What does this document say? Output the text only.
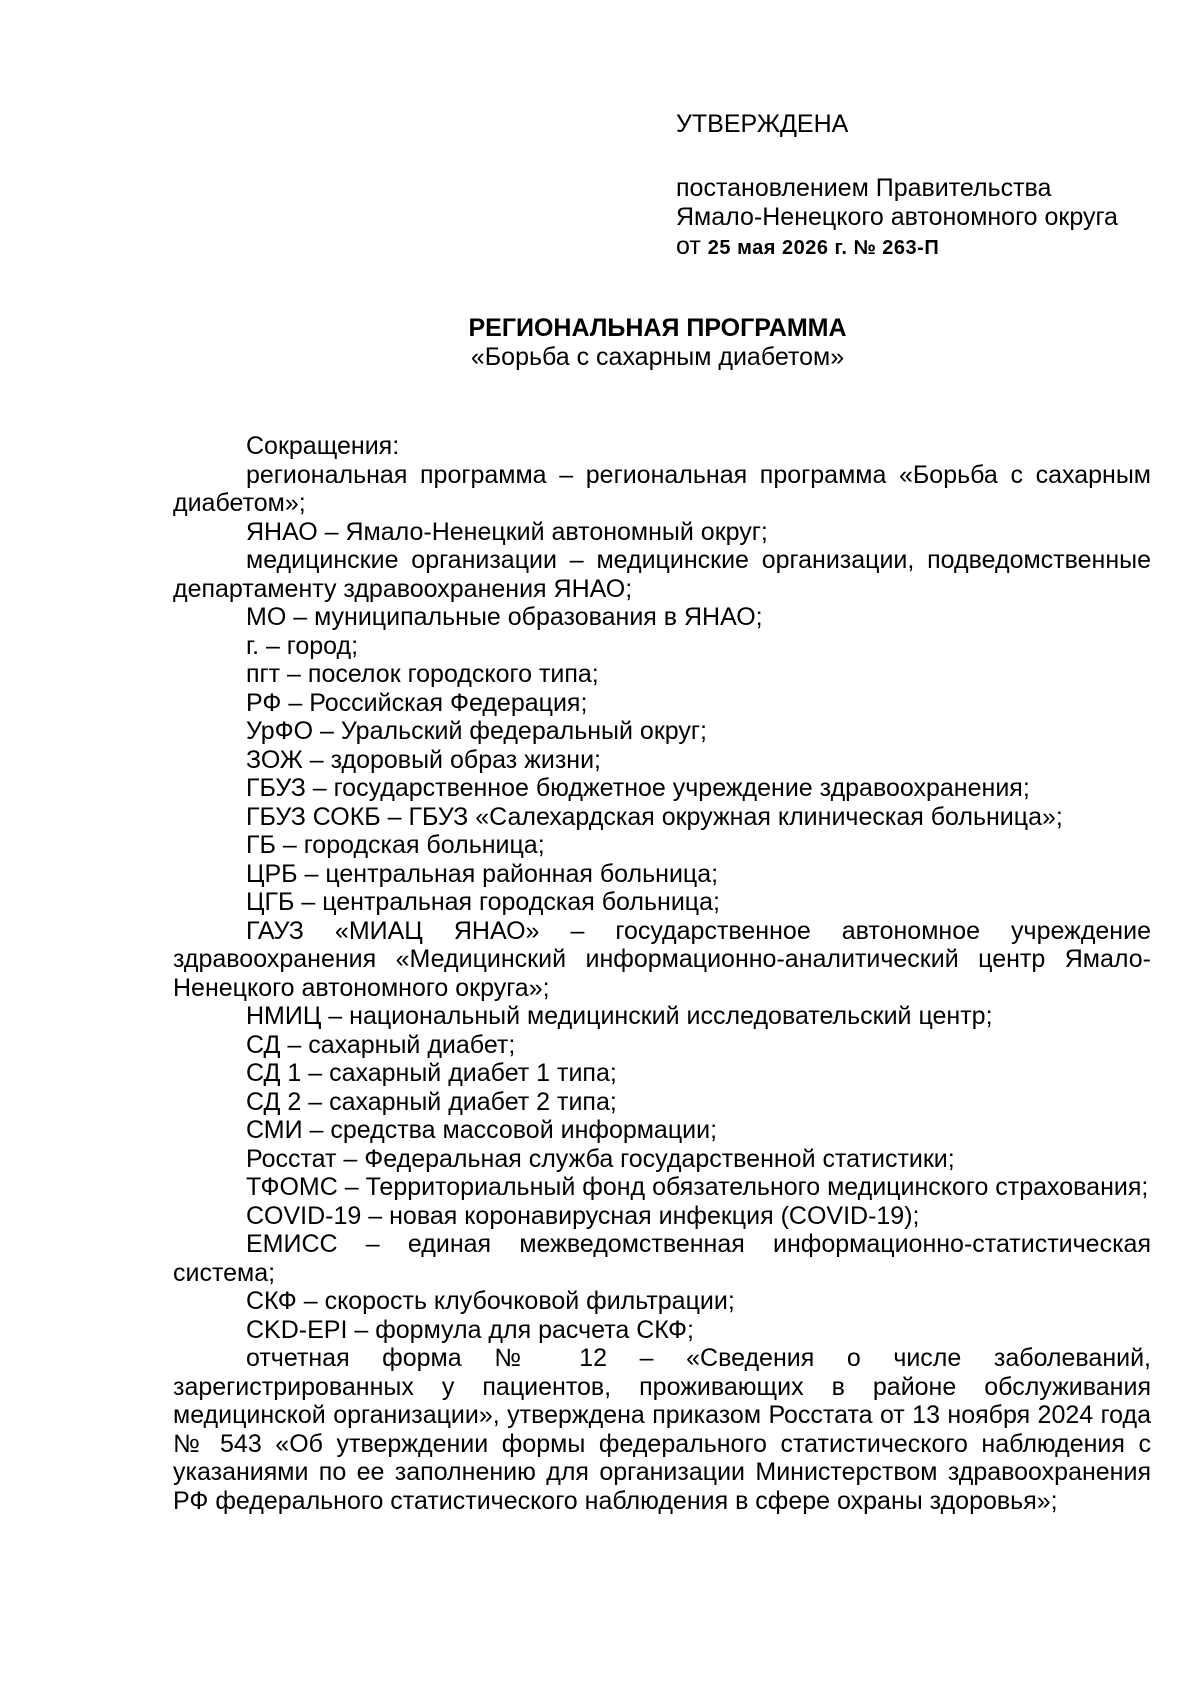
УТВЕРЖДЕНА
постановлением Правительства
Ямало-Ненецкого автономного округа
от 25 мая 2026 г. № 263-П
РЕГИОНАЛЬНАЯ ПРОГРАММА
«Борьба с сахарным диабетом»

Сокращения:

региональная программа – региональная программа «Борьба с сахарным диабетом»;

ЯНАО – Ямало-Ненецкий автономный округ;

медицинские организации – медицинские организации, подведомственные департаменту здравоохранения ЯНАО;

МО – муниципальные образования в ЯНАО;

г. – город;

пгт – поселок городского типа;

РФ – Российская Федерация;

УрФО – Уральский федеральный округ;

ЗОЖ – здоровый образ жизни;

ГБУЗ – государственное бюджетное учреждение здравоохранения;

ГБУЗ СОКБ – ГБУЗ «Салехардская окружная клиническая больница»;

ГБ – городская больница;

ЦРБ – центральная районная больница;

ЦГБ – центральная городская больница;

ГАУЗ «МИАЦ ЯНАО» – государственное автономное учреждение здравоохранения «Медицинский информационно-аналитический центр Ямало-Ненецкого автономного округа»;

НМИЦ – национальный медицинский исследовательский центр;

СД – сахарный диабет;

СД 1 – сахарный диабет 1 типа;

СД 2 – сахарный диабет 2 типа;

СМИ – средства массовой информации;

Росстат – Федеральная служба государственной статистики;

ТФОМС – Территориальный фонд обязательного медицинского страхования;

COVID-19 – новая коронавирусная инфекция (COVID-19);

ЕМИСС – единая межведомственная информационно-статистическая система;

СКФ – скорость клубочковой фильтрации;

CKD-EPI – формула для расчета СКФ;

отчетная форма № 12 – «Сведения о числе заболеваний, зарегистрированных у пациентов, проживающих в районе обслуживания медицинской организации», утверждена приказом Росстата от 13 ноября 2024 года № 543 «Об утверждении формы федерального статистического наблюдения с указаниями по ее заполнению для организации Министерством здравоохранения РФ федерального статистического наблюдения в сфере охраны здоровья»;
